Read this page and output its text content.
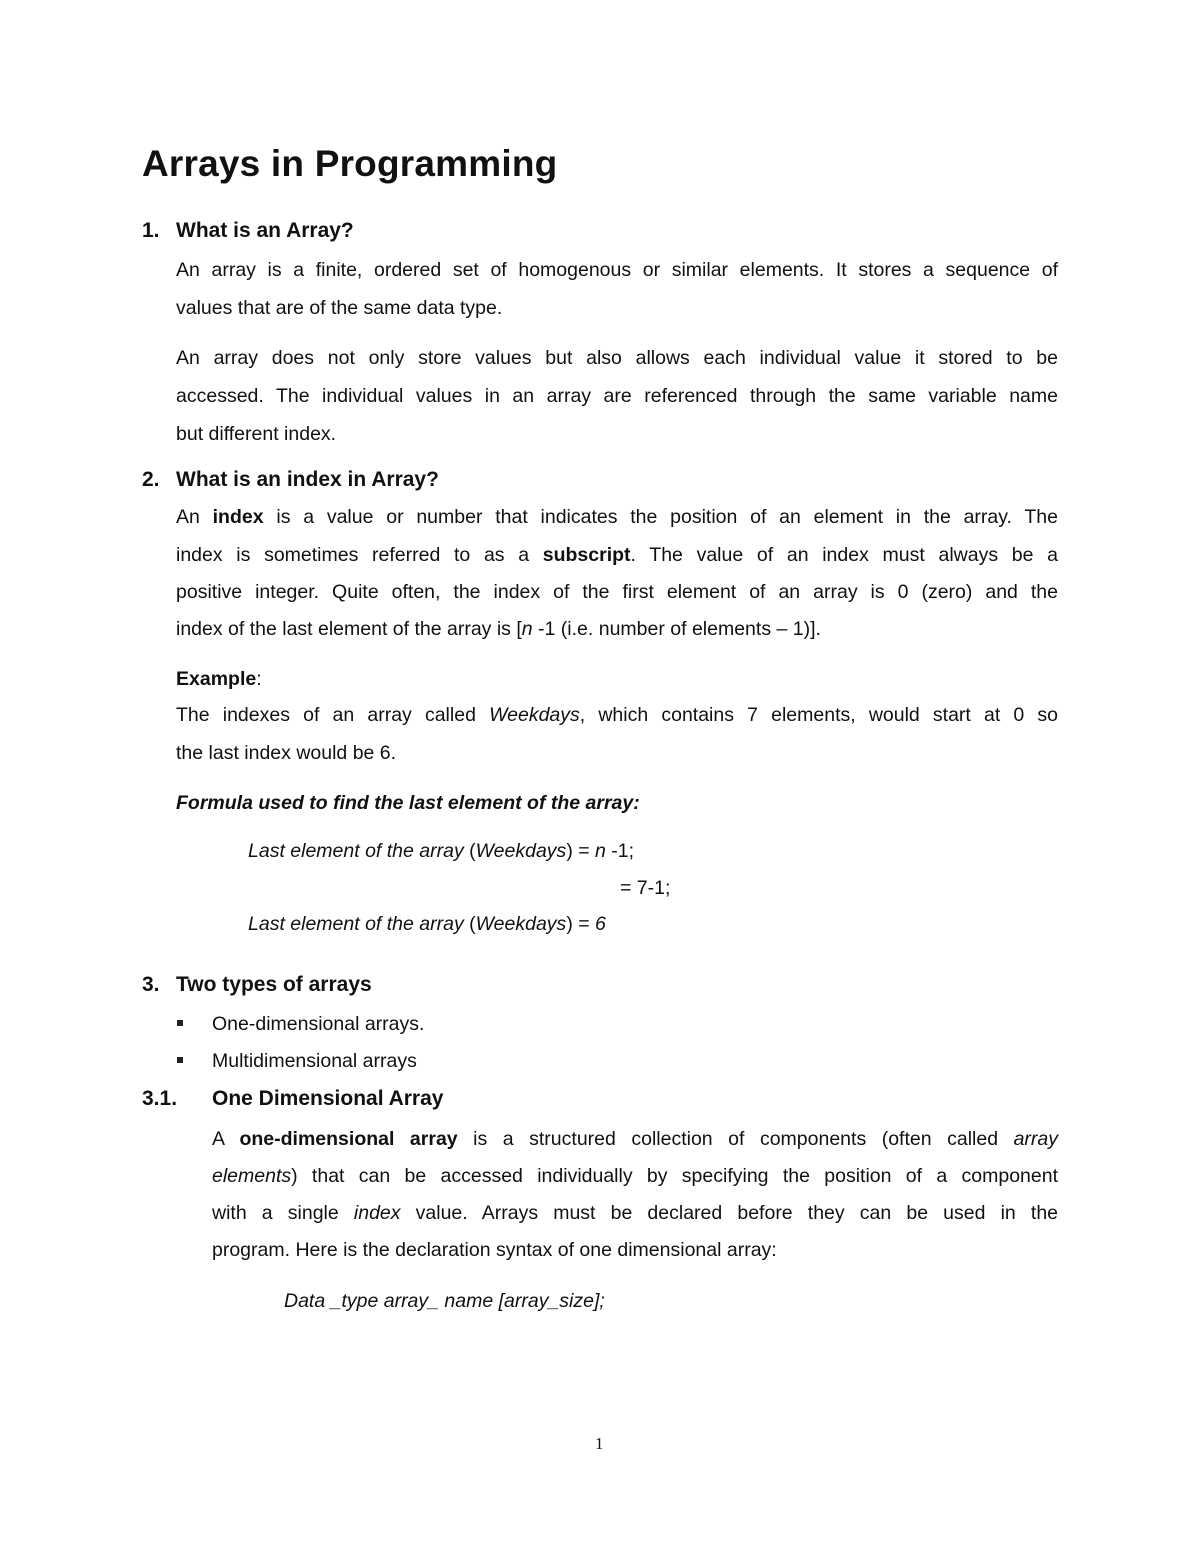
Arrays in Programming
1. What is an Array?
An array is a finite, ordered set of homogenous or similar elements. It stores a sequence of
values that are of the same data type.
An array does not only store values but also allows each individual value it stored to be
accessed. The individual values in an array are referenced through the same variable name
but different index.
2. What is an index in Array?
An index is a value or number that indicates the position of an element in the array. The
index is sometimes referred to as a subscript. The value of an index must always be a
positive integer. Quite often, the index of the first element of an array is 0 (zero) and the
index of the last element of the array is [n -1 (i.e. number of elements – 1)].
Example:
The indexes of an array called Weekdays, which contains 7 elements, would start at 0 so
the last index would be 6.
Formula used to find the last element of the array:
Last element of the array (Weekdays) = n -1;
= 7-1;
Last element of the array (Weekdays) = 6
3. Two types of arrays
One-dimensional arrays.
Multidimensional arrays
3.1. One Dimensional Array
A one-dimensional array is a structured collection of components (often called array
elements) that can be accessed individually by specifying the position of a component
with a single index value. Arrays must be declared before they can be used in the
program. Here is the declaration syntax of one dimensional array:
Data _type array_ name [array_size];
1
